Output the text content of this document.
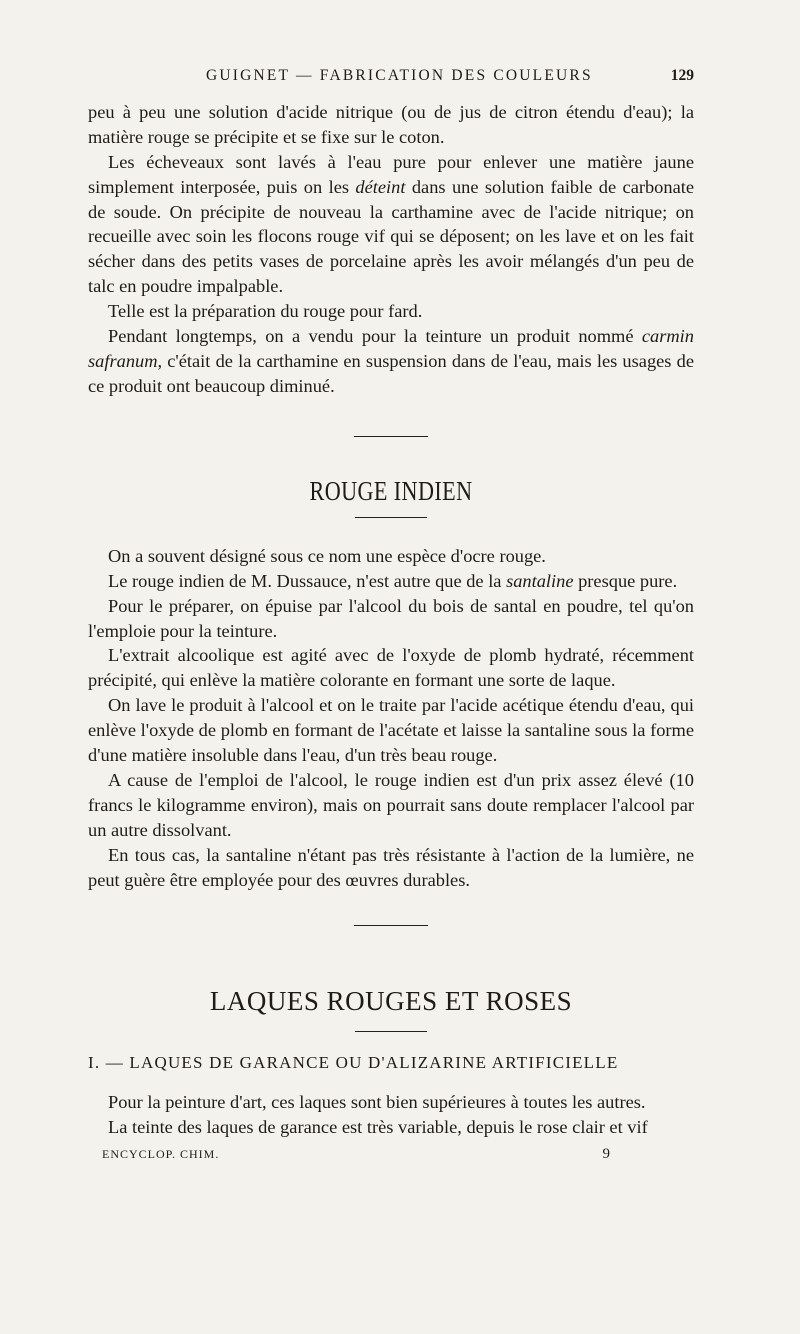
GUIGNET — FABRICATION DES COULEURS	129

peu à peu une solution d'acide nitrique (ou de jus de citron étendu d'eau); la matière rouge se précipite et se fixe sur le coton.

Les écheveaux sont lavés à l'eau pure pour enlever une matière jaune simplement interposée, puis on les déteint dans une solution faible de carbonate de soude. On précipite de nouveau la carthamine avec de l'acide nitrique; on recueille avec soin les flocons rouge vif qui se déposent; on les lave et on les fait sécher dans des petits vases de porcelaine après les avoir mélangés d'un peu de talc en poudre impalpable.

Telle est la préparation du rouge pour fard.

Pendant longtemps, on a vendu pour la teinture un produit nommé carmin safranum, c'était de la carthamine en suspension dans de l'eau, mais les usages de ce produit ont beaucoup diminué.

ROUGE INDIEN

On a souvent désigné sous ce nom une espèce d'ocre rouge.

Le rouge indien de M. Dussauce, n'est autre que de la santaline presque pure.

Pour le préparer, on épuise par l'alcool du bois de santal en poudre, tel qu'on l'emploie pour la teinture.

L'extrait alcoolique est agité avec de l'oxyde de plomb hydraté, récemment précipité, qui enlève la matière colorante en formant une sorte de laque.

On lave le produit à l'alcool et on le traite par l'acide acétique étendu d'eau, qui enlève l'oxyde de plomb en formant de l'acétate et laisse la santaline sous la forme d'une matière insoluble dans l'eau, d'un très beau rouge.

A cause de l'emploi de l'alcool, le rouge indien est d'un prix assez élevé (10 francs le kilogramme environ), mais on pourrait sans doute remplacer l'alcool par un autre dissolvant.

En tous cas, la santaline n'étant pas très résistante à l'action de la lumière, ne peut guère être employée pour des œuvres durables.

LAQUES ROUGES ET ROSES
I. — LAQUES DE GARANCE OU D'ALIZARINE ARTIFICIELLE

Pour la peinture d'art, ces laques sont bien supérieures à toutes les autres.

La teinte des laques de garance est très variable, depuis le rose clair et vif

ENCYCLOP. CHIM.	9
